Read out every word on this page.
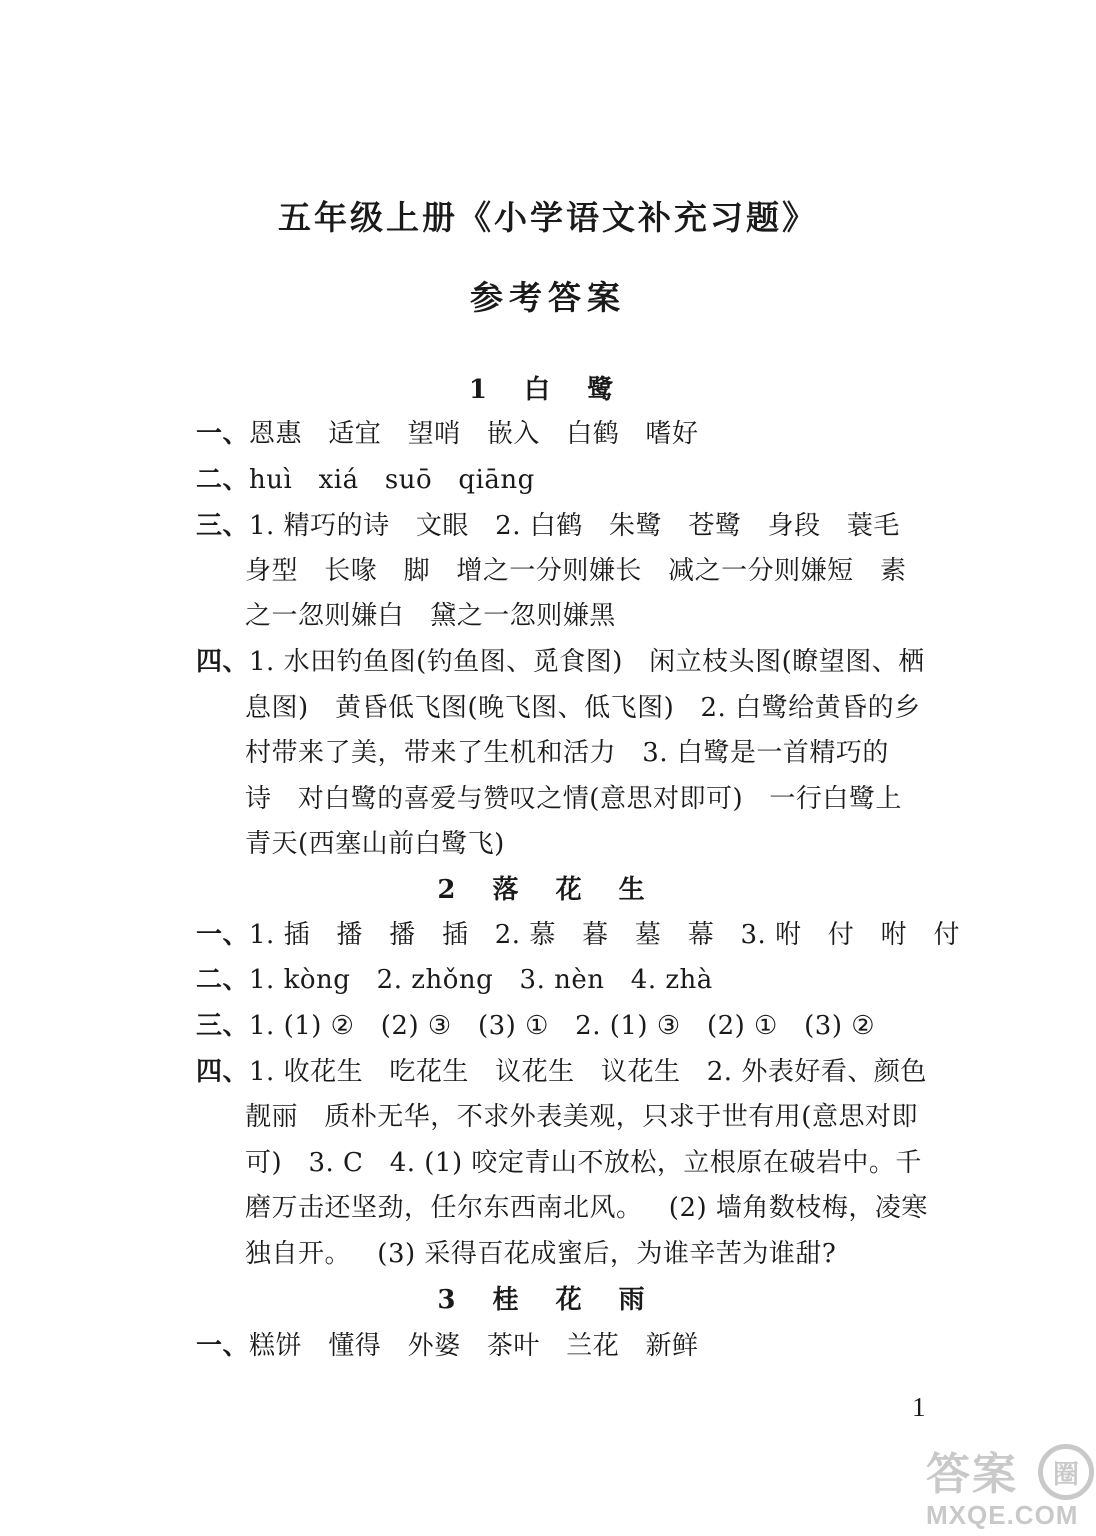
五年级上册《小学语文补充习题》
参考答案
1 白 鹭
一、恩惠   适宜   望哨   嵌入   白鹤   嗜好
二、huì   xiá   suō   qiāng
三、1. 精巧的诗   文眼   2. 白鹤   朱鹭   苍鹭   身段   蓑毛
身型   长喙   脚   增之一分则嫌长   减之一分则嫌短   素
之一忽则嫌白   黛之一忽则嫌黑
四、1. 水田钓鱼图(钓鱼图、觅食图)   闲立枝头图(瞭望图、栖
息图)   黄昏低飞图(晚飞图、低飞图)   2. 白鹭给黄昏的乡
村带来了美，带来了生机和活力   3. 白鹭是一首精巧的
诗   对白鹭的喜爱与赞叹之情(意思对即可)   一行白鹭上
青天(西塞山前白鹭飞)
2 落 花 生
一、1. 插   播   播   插   2. 慕   暮   墓   幕   3. 咐   付   咐   付
二、1. kòng   2. zhǒng   3. nèn   4. zhà
三、1. (1) ②   (2) ③   (3) ①   2. (1) ③   (2) ①   (3) ②
四、1. 收花生   吃花生   议花生   议花生   2. 外表好看、颜色
靓丽   质朴无华，不求外表美观，只求于世有用(意思对即
可)   3. C   4. (1) 咬定青山不放松，立根原在破岩中。千
磨万击还坚劲，任尔东西南北风。   (2) 墙角数枝梅，凌寒
独自开。   (3) 采得百花成蜜后，为谁辛苦为谁甜?
3 桂 花 雨
一、糕饼   懂得   外婆   茶叶   兰花   新鲜
1
答案	圈
MXQE.COM
